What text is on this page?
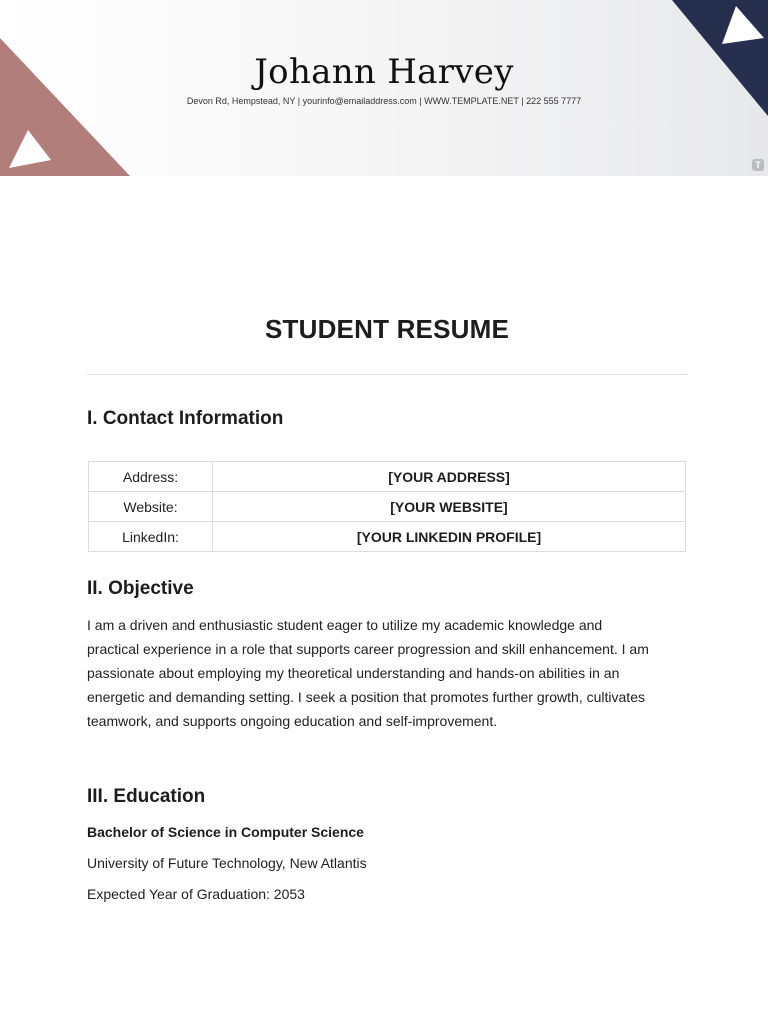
Johann Harvey
Devon Rd, Hempstead, NY | yourinfo@emailaddress.com | WWW.TEMPLATE.NET | 222 555 7777
T
STUDENT RESUME
I. Contact Information
Address:	[YOUR ADDRESS]
Website:	[YOUR WEBSITE]
LinkedIn:	[YOUR LINKEDIN PROFILE]
II. Objective

I am a driven and enthusiastic student eager to utilize my academic knowledge and practical experience in a role that supports career progression and skill enhancement. I am passionate about employing my theoretical understanding and hands-on abilities in an energetic and demanding setting. I seek a position that promotes further growth, cultivates teamwork, and supports ongoing education and self-improvement.

III. Education

Bachelor of Science in Computer Science

University of Future Technology, New Atlantis

Expected Year of Graduation: 2053
